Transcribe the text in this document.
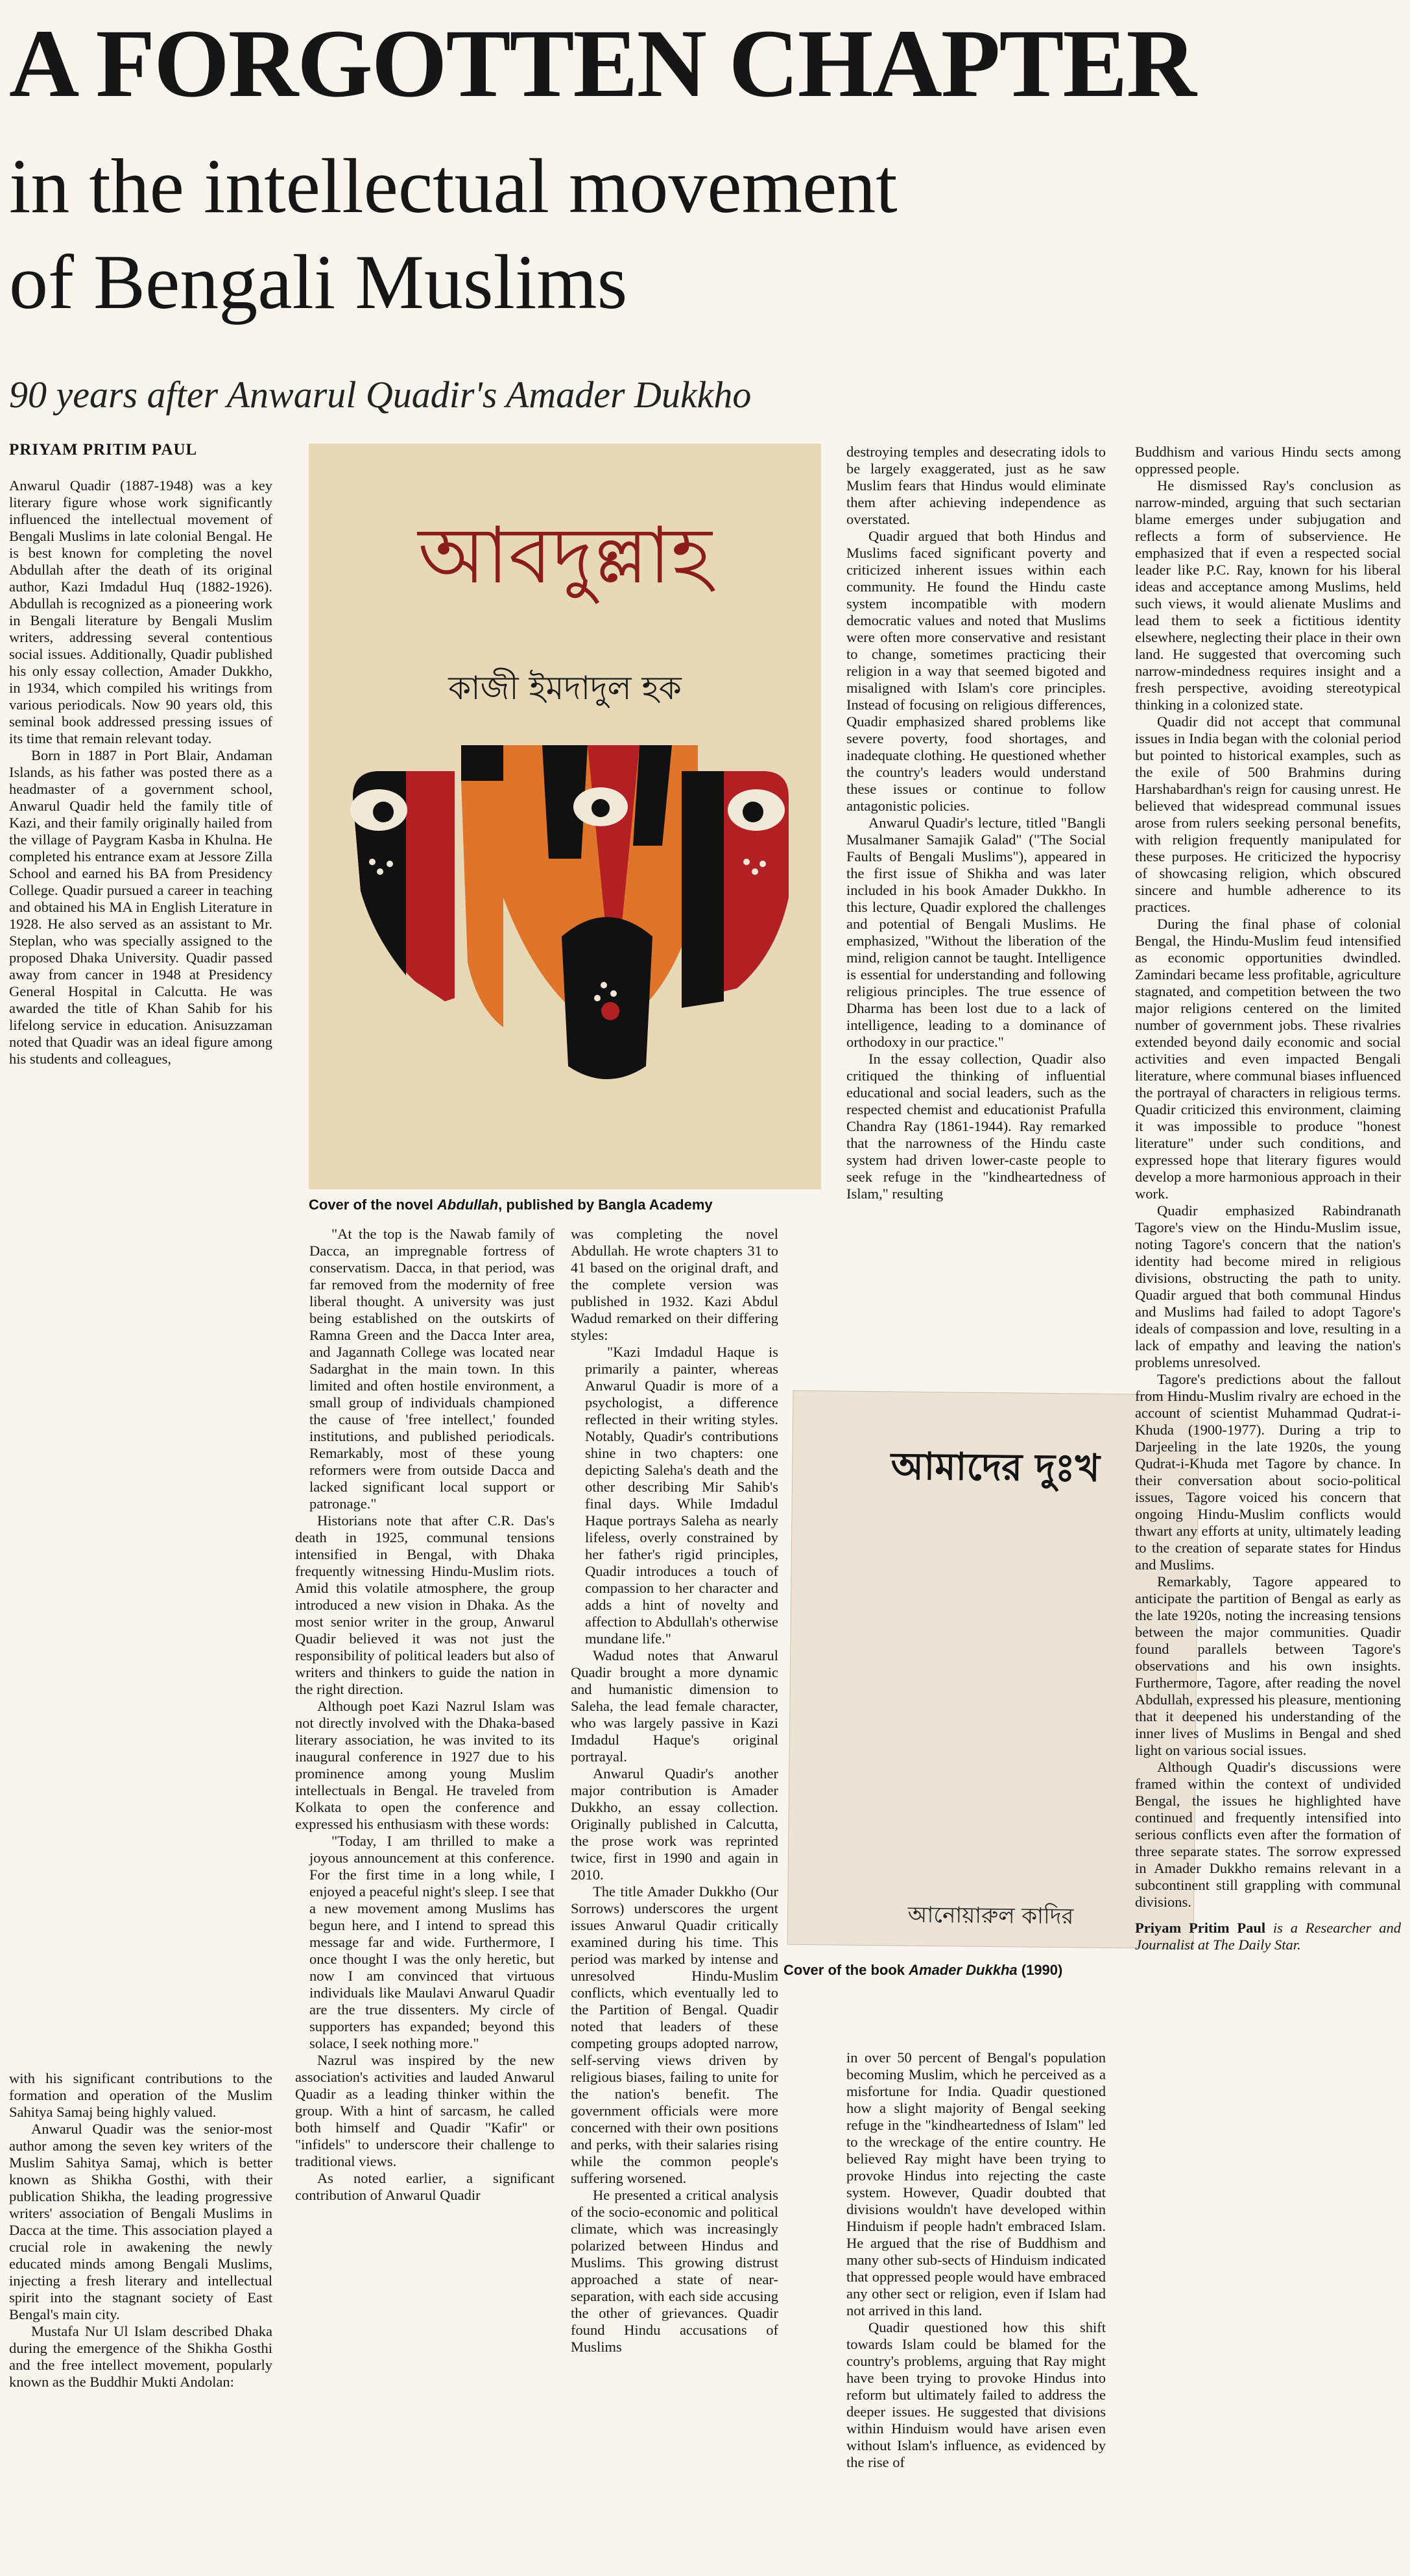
A FORGOTTEN CHAPTER
in the intellectual movement
of Bengali Muslims
90 years after Anwarul Quadir's Amader Dukkho
PRIYAM PRITIM PAUL

Anwarul Quadir (1887-1948) was a key literary figure whose work significantly influenced the intellectual movement of Bengali Muslims in late colonial Bengal. He is best known for completing the novel Abdullah after the death of its original author, Kazi Imdadul Huq (1882-1926). Abdullah is recognized as a pioneering work in Bengali literature by Bengali Muslim writers, addressing several contentious social issues. Additionally, Quadir published his only essay collection, Amader Dukkho, in 1934, which compiled his writings from various periodicals. Now 90 years old, this seminal book addressed pressing issues of its time that remain relevant today.

Born in 1887 in Port Blair, Andaman Islands, as his father was posted there as a headmaster of a government school, Anwarul Quadir held the family title of Kazi, and their family originally hailed from the village of Paygram Kasba in Khulna. He completed his entrance exam at Jessore Zilla School and earned his BA from Presidency College. Quadir pursued a career in teaching and obtained his MA in English Literature in 1928. He also served as an assistant to Mr. Steplan, who was specially assigned to the proposed Dhaka University. Quadir passed away from cancer in 1948 at Presidency General Hospital in Calcutta. He was awarded the title of Khan Sahib for his lifelong service in education. Anisuzzaman noted that Quadir was an ideal figure among his students and colleagues,

আবদুল্লাহ
কাজী ইমদাদুল হক
Cover of the novel Abdullah, published by Bangla Academy

with his significant contributions to the formation and operation of the Muslim Sahitya Samaj being highly valued.

Anwarul Quadir was the senior-most author among the seven key writers of the Muslim Sahitya Samaj, which is better known as Shikha Gosthi, with their publication Shikha, the leading progressive writers' association of Bengali Muslims in Dacca at the time. This association played a crucial role in awakening the newly educated minds among Bengali Muslims, injecting a fresh literary and intellectual spirit into the stagnant society of East Bengal's main city.

Mustafa Nur Ul Islam described Dhaka during the emergence of the Shikha Gosthi and the free intellect movement, popularly known as the Buddhir Mukti Andolan:

"At the top is the Nawab family of Dacca, an impregnable fortress of conservatism. Dacca, in that period, was far removed from the modernity of free liberal thought. A university was just being established on the outskirts of Ramna Green and the Dacca Inter area, and Jagannath College was located near Sadarghat in the main town. In this limited and often hostile environment, a small group of individuals championed the cause of 'free intellect,' founded institutions, and published periodicals. Remarkably, most of these young reformers were from outside Dacca and lacked significant local support or patronage."

Historians note that after C.R. Das's death in 1925, communal tensions intensified in Bengal, with Dhaka frequently witnessing Hindu-Muslim riots. Amid this volatile atmosphere, the group introduced a new vision in Dhaka. As the most senior writer in the group, Anwarul Quadir believed it was not just the responsibility of political leaders but also of writers and thinkers to guide the nation in the right direction.

Although poet Kazi Nazrul Islam was not directly involved with the Dhaka-based literary association, he was invited to its inaugural conference in 1927 due to his prominence among young Muslim intellectuals in Bengal. He traveled from Kolkata to open the conference and expressed his enthusiasm with these words:

"Today, I am thrilled to make a joyous announcement at this conference. For the first time in a long while, I enjoyed a peaceful night's sleep. I see that a new movement among Muslims has begun here, and I intend to spread this message far and wide. Furthermore, I once thought I was the only heretic, but now I am convinced that virtuous individuals like Maulavi Anwarul Quadir are the true dissenters. My circle of supporters has expanded; beyond this solace, I seek nothing more."

Nazrul was inspired by the new association's activities and lauded Anwarul Quadir as a leading thinker within the group. With a hint of sarcasm, he called both himself and Quadir "Kafir" or "infidels" to underscore their challenge to traditional views.

As noted earlier, a significant contribution of Anwarul Quadir

destroying temples and desecrating idols to be largely exaggerated, just as he saw Muslim fears that Hindus would eliminate them after achieving independence as overstated.

Quadir argued that both Hindus and Muslims faced significant poverty and criticized inherent issues within each community. He found the Hindu caste system incompatible with modern democratic values and noted that Muslims were often more conservative and resistant to change, sometimes practicing their religion in a way that seemed bigoted and misaligned with Islam's core principles. Instead of focusing on religious differences, Quadir emphasized shared problems like severe poverty, food shortages, and inadequate clothing. He questioned whether the country's leaders would understand these issues or continue to follow antagonistic policies.

Anwarul Quadir's lecture, titled "Bangli Musalmaner Samajik Galad" ("The Social Faults of Bengali Muslims"), appeared in the first issue of Shikha and was later included in his book Amader Dukkho. In this lecture, Quadir explored the challenges and potential of Bengali Muslims. He emphasized, "Without the liberation of the mind, religion cannot be taught. Intelligence is essential for understanding and following religious principles. The true essence of Dharma has been lost due to a lack of intelligence, leading to a dominance of orthodoxy in our practice."

In the essay collection, Quadir also critiqued the thinking of influential educational and social leaders, such as the respected chemist and educationist Prafulla Chandra Ray (1861-1944). Ray remarked that the narrowness of the Hindu caste system had driven lower-caste people to seek refuge in the "kindheartedness of Islam," resulting

was completing the novel Abdullah. He wrote chapters 31 to 41 based on the original draft, and the complete version was published in 1932. Kazi Abdul Wadud remarked on their differing styles:

"Kazi Imdadul Haque is primarily a painter, whereas Anwarul Quadir is more of a psychologist, a difference reflected in their writing styles. Notably, Quadir's contributions shine in two chapters: one depicting Saleha's death and the other describing Mir Sahib's final days. While Imdadul Haque portrays Saleha as nearly lifeless, overly constrained by her father's rigid principles, Quadir introduces a touch of compassion to her character and adds a hint of novelty and affection to Abdullah's otherwise mundane life."

Wadud notes that Anwarul Quadir brought a more dynamic and humanistic dimension to Saleha, the lead female character, who was largely passive in Kazi Imdadul Haque's original portrayal.

Anwarul Quadir's another major contribution is Amader Dukkho, an essay collection. Originally published in Calcutta, the prose work was reprinted twice, first in 1990 and again in 2010.

The title Amader Dukkho (Our Sorrows) underscores the urgent issues Anwarul Quadir critically examined during his time. This period was marked by intense and unresolved Hindu-Muslim conflicts, which eventually led to the Partition of Bengal. Quadir noted that leaders of these competing groups adopted narrow, self-serving views driven by religious biases, failing to unite for the nation's benefit. The government officials were more concerned with their own positions and perks, with their salaries rising while the common people's suffering worsened.

He presented a critical analysis of the socio-economic and political climate, which was increasingly polarized between Hindus and Muslims. This growing distrust approached a state of near-separation, with each side accusing the other of grievances. Quadir found Hindu accusations of Muslims

আমাদের দুঃখ
আনোয়ারুল কাদির
Cover of the book Amader Dukkha (1990)

in over 50 percent of Bengal's population becoming Muslim, which he perceived as a misfortune for India. Quadir questioned how a slight majority of Bengal seeking refuge in the "kindheartedness of Islam" led to the wreckage of the entire country. He believed Ray might have been trying to provoke Hindus into rejecting the caste system. However, Quadir doubted that divisions wouldn't have developed within Hinduism if people hadn't embraced Islam. He argued that the rise of Buddhism and many other sub-sects of Hinduism indicated that oppressed people would have embraced any other sect or religion, even if Islam had not arrived in this land.

Quadir questioned how this shift towards Islam could be blamed for the country's problems, arguing that Ray might have been trying to provoke Hindus into reform but ultimately failed to address the deeper issues. He suggested that divisions within Hinduism would have arisen even without Islam's influence, as evidenced by the rise of

Buddhism and various Hindu sects among oppressed people.

He dismissed Ray's conclusion as narrow-minded, arguing that such sectarian blame emerges under subjugation and reflects a form of subservience. He emphasized that if even a respected social leader like P.C. Ray, known for his liberal ideas and acceptance among Muslims, held such views, it would alienate Muslims and lead them to seek a fictitious identity elsewhere, neglecting their place in their own land. He suggested that overcoming such narrow-mindedness requires insight and a fresh perspective, avoiding stereotypical thinking in a colonized state.

Quadir did not accept that communal issues in India began with the colonial period but pointed to historical examples, such as the exile of 500 Brahmins during Harshabardhan's reign for causing unrest. He believed that widespread communal issues arose from rulers seeking personal benefits, with religion frequently manipulated for these purposes. He criticized the hypocrisy of showcasing religion, which obscured sincere and humble adherence to its practices.

During the final phase of colonial Bengal, the Hindu-Muslim feud intensified as economic opportunities dwindled. Zamindari became less profitable, agriculture stagnated, and competition between the two major religions centered on the limited number of government jobs. These rivalries extended beyond daily economic and social activities and even impacted Bengali literature, where communal biases influenced the portrayal of characters in religious terms. Quadir criticized this environment, claiming it was impossible to produce "honest literature" under such conditions, and expressed hope that literary figures would develop a more harmonious approach in their work.

Quadir emphasized Rabindranath Tagore's view on the Hindu-Muslim issue, noting Tagore's concern that the nation's identity had become mired in religious divisions, obstructing the path to unity. Quadir argued that both communal Hindus and Muslims had failed to adopt Tagore's ideals of compassion and love, resulting in a lack of empathy and leaving the nation's problems unresolved.

Tagore's predictions about the fallout from Hindu-Muslim rivalry are echoed in the account of scientist Muhammad Qudrat-i-Khuda (1900-1977). During a trip to Darjeeling in the late 1920s, the young Qudrat-i-Khuda met Tagore by chance. In their conversation about socio-political issues, Tagore voiced his concern that ongoing Hindu-Muslim conflicts would thwart any efforts at unity, ultimately leading to the creation of separate states for Hindus and Muslims.

Remarkably, Tagore appeared to anticipate the partition of Bengal as early as the late 1920s, noting the increasing tensions between the major communities. Quadir found parallels between Tagore's observations and his own insights. Furthermore, Tagore, after reading the novel Abdullah, expressed his pleasure, mentioning that it deepened his understanding of the inner lives of Muslims in Bengal and shed light on various social issues.

Although Quadir's discussions were framed within the context of undivided Bengal, the issues he highlighted have continued and frequently intensified into serious conflicts even after the formation of three separate states. The sorrow expressed in Amader Dukkho remains relevant in a subcontinent still grappling with communal divisions.

Priyam Pritim Paul is a Researcher and Journalist at The Daily Star.
